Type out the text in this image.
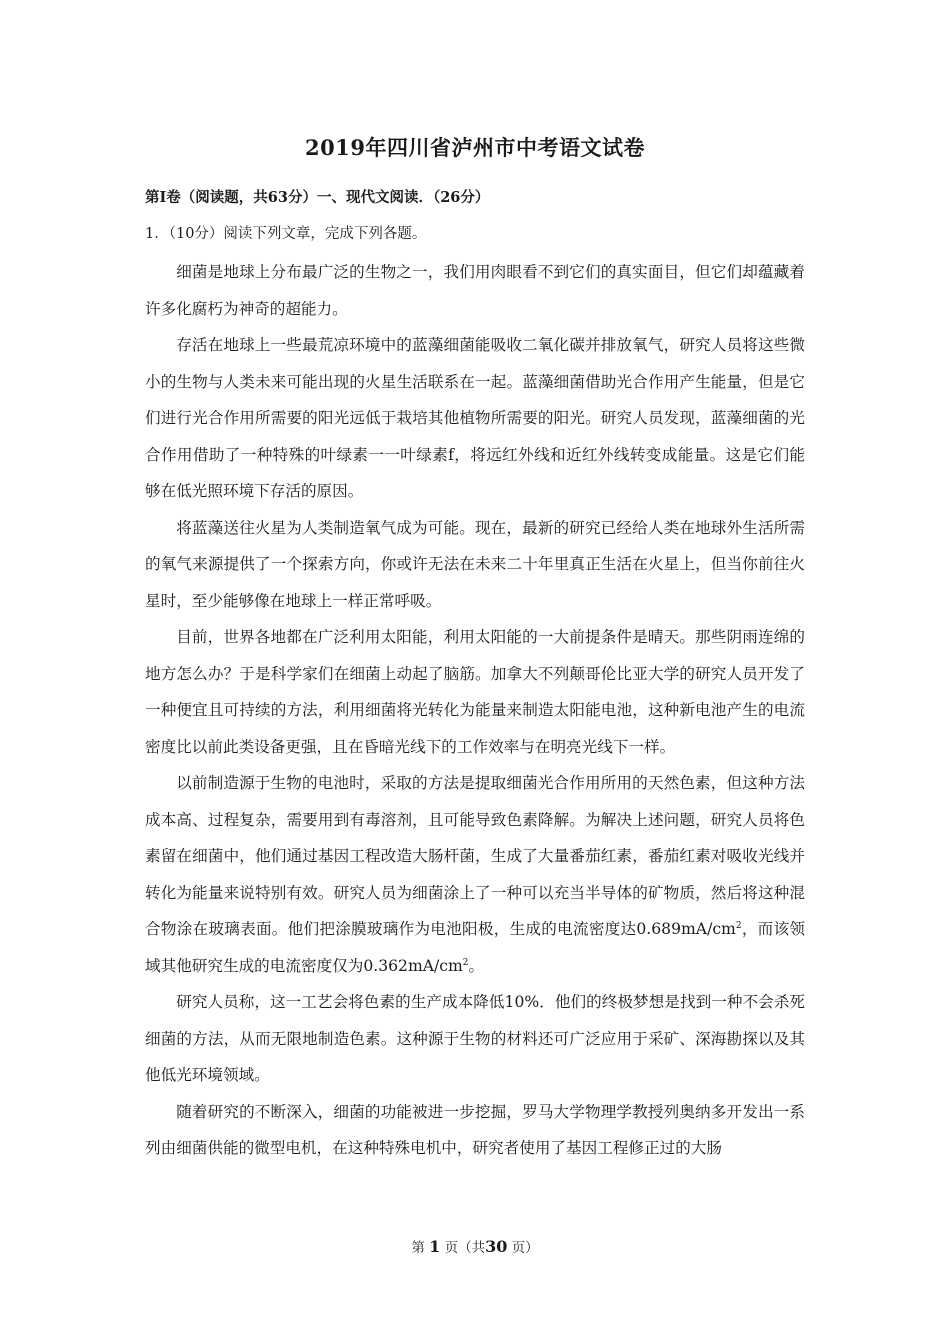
2019年四川省泸州市中考语文试卷
第Ⅰ卷（阅读题，共63分）一、现代文阅读．（26分）
1．（10分）阅读下列文章，完成下列各题。

细菌是地球上分布最广泛的生物之一，我们用肉眼看不到它们的真实面目，但它们却蕴藏着许多化腐朽为神奇的超能力。

存活在地球上一些最荒凉环境中的蓝藻细菌能吸收二氧化碳并排放氧气，研究人员将这些微小的生物与人类未来可能出现的火星生活联系在一起。蓝藻细菌借助光合作用产生能量，但是它们进行光合作用所需要的阳光远低于栽培其他植物所需要的阳光。研究人员发现，蓝藻细菌的光合作用借助了一种特殊的叶绿素一一叶绿素f，将远红外线和近红外线转变成能量。这是它们能够在低光照环境下存活的原因。

将蓝藻送往火星为人类制造氧气成为可能。现在，最新的研究已经给人类在地球外生活所需的氧气来源提供了一个探索方向，你或许无法在未来二十年里真正生活在火星上，但当你前往火星时，至少能够像在地球上一样正常呼吸。

目前，世界各地都在广泛利用太阳能，利用太阳能的一大前提条件是晴天。那些阴雨连绵的地方怎么办？于是科学家们在细菌上动起了脑筋。加拿大不列颠哥伦比亚大学的研究人员开发了一种便宜且可持续的方法，利用细菌将光转化为能量来制造太阳能电池，这种新电池产生的电流密度比以前此类设备更强，且在昏暗光线下的工作效率与在明亮光线下一样。

以前制造源于生物的电池时，采取的方法是提取细菌光合作用所用的天然色素，但这种方法成本高、过程复杂，需要用到有毒溶剂，且可能导致色素降解。为解决上述问题，研究人员将色素留在细菌中，他们通过基因工程改造大肠杆菌，生成了大量番茄红素，番茄红素对吸收光线并转化为能量来说特别有效。研究人员为细菌涂上了一种可以充当半导体的矿物质，然后将这种混合物涂在玻璃表面。他们把涂膜玻璃作为电池阳极，生成的电流密度达$0.689mA/cm^2$，而该领域其他研究生成的电流密度仅为$0.362mA/cm^2$。

研究人员称，这一工艺会将色素的生产成本降低10%．他们的终极梦想是找到一种不会杀死细菌的方法，从而无限地制造色素。这种源于生物的材料还可广泛应用于采矿、深海勘探以及其他低光环境领域。

随着研究的不断深入，细菌的功能被进一步挖掘，罗马大学物理学教授列奥纳多开发出一系列由细菌供能的微型电机，在这种特殊电机中，研究者使用了基因工程修正过的大肠

第 1 页（共30 页）
